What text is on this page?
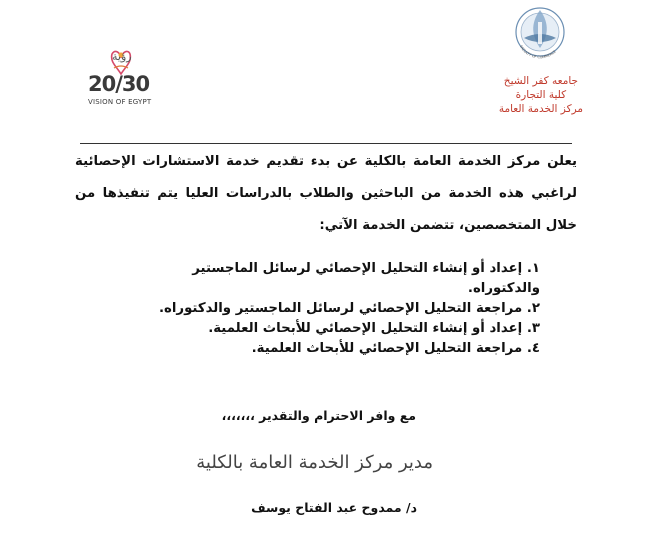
FACULTY OF COMMERCE
جامعه كفر الشيخ
كلية التجارة
مركز الخدمة العامة
رؤية
20/30
VISION OF EGYPT
يعلن مركز الخدمة العامة بالكلية عن بدء تقديم خدمة الاستشارات الإحصائية لراغبي هذه الخدمة من الباحثين والطلاب بالدراسات العليا يتم تنفيذها من خلال المتخصصين، تتضمن الخدمة الآتي:
١. إعداد أو إنشاء التحليل الإحصائي لرسائل الماجستير والدكتوراه.
٢. مراجعة التحليل الإحصائي لرسائل الماجستير والدكتوراه.
٣. إعداد أو إنشاء التحليل الإحصائي للأبحاث العلمية.
٤. مراجعة التحليل الإحصائي للأبحاث العلمية.
مع وافر الاحترام والتقدير ،،،،،،،
مدير مركز الخدمة العامة بالكلية
د/ ممدوح عبد الفتاح يوسف
